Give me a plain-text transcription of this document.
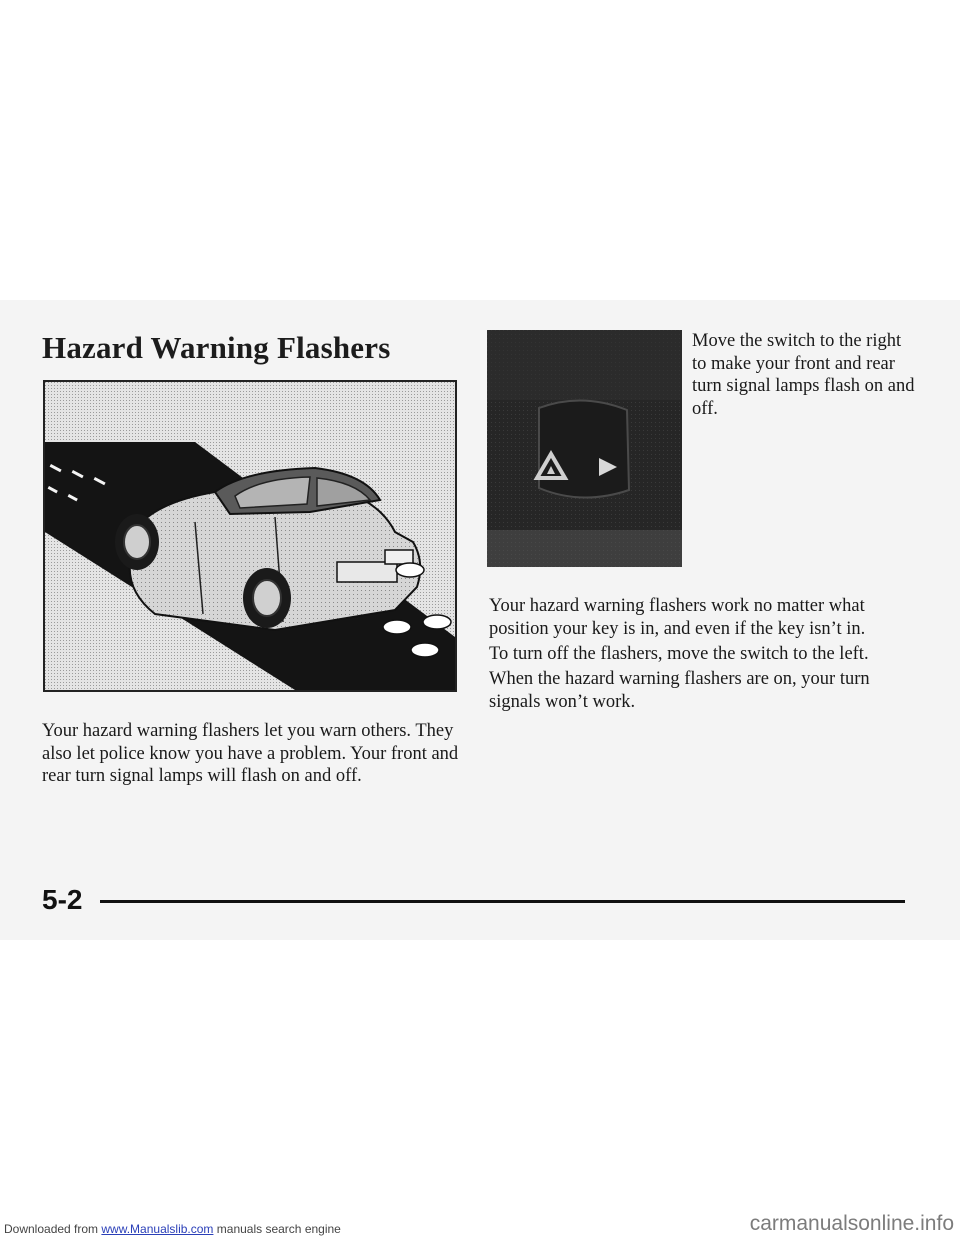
Hazard Warning Flashers	Move the switch to the right to make your front and rear turn signal lamps flash on and off.

Your hazard warning flashers let you warn others. They also let police know you have a problem. Your front and rear turn signal lamps will flash on and off.

Your hazard warning flashers work no matter what position your key is in, and even if the key isn’t in.

To turn off the flashers, move the switch to the left.

When the hazard warning flashers are on, your turn signals won’t work.

5-2

Downloaded from www.Manualslib.com manuals search engine	carmanualsonline.info
